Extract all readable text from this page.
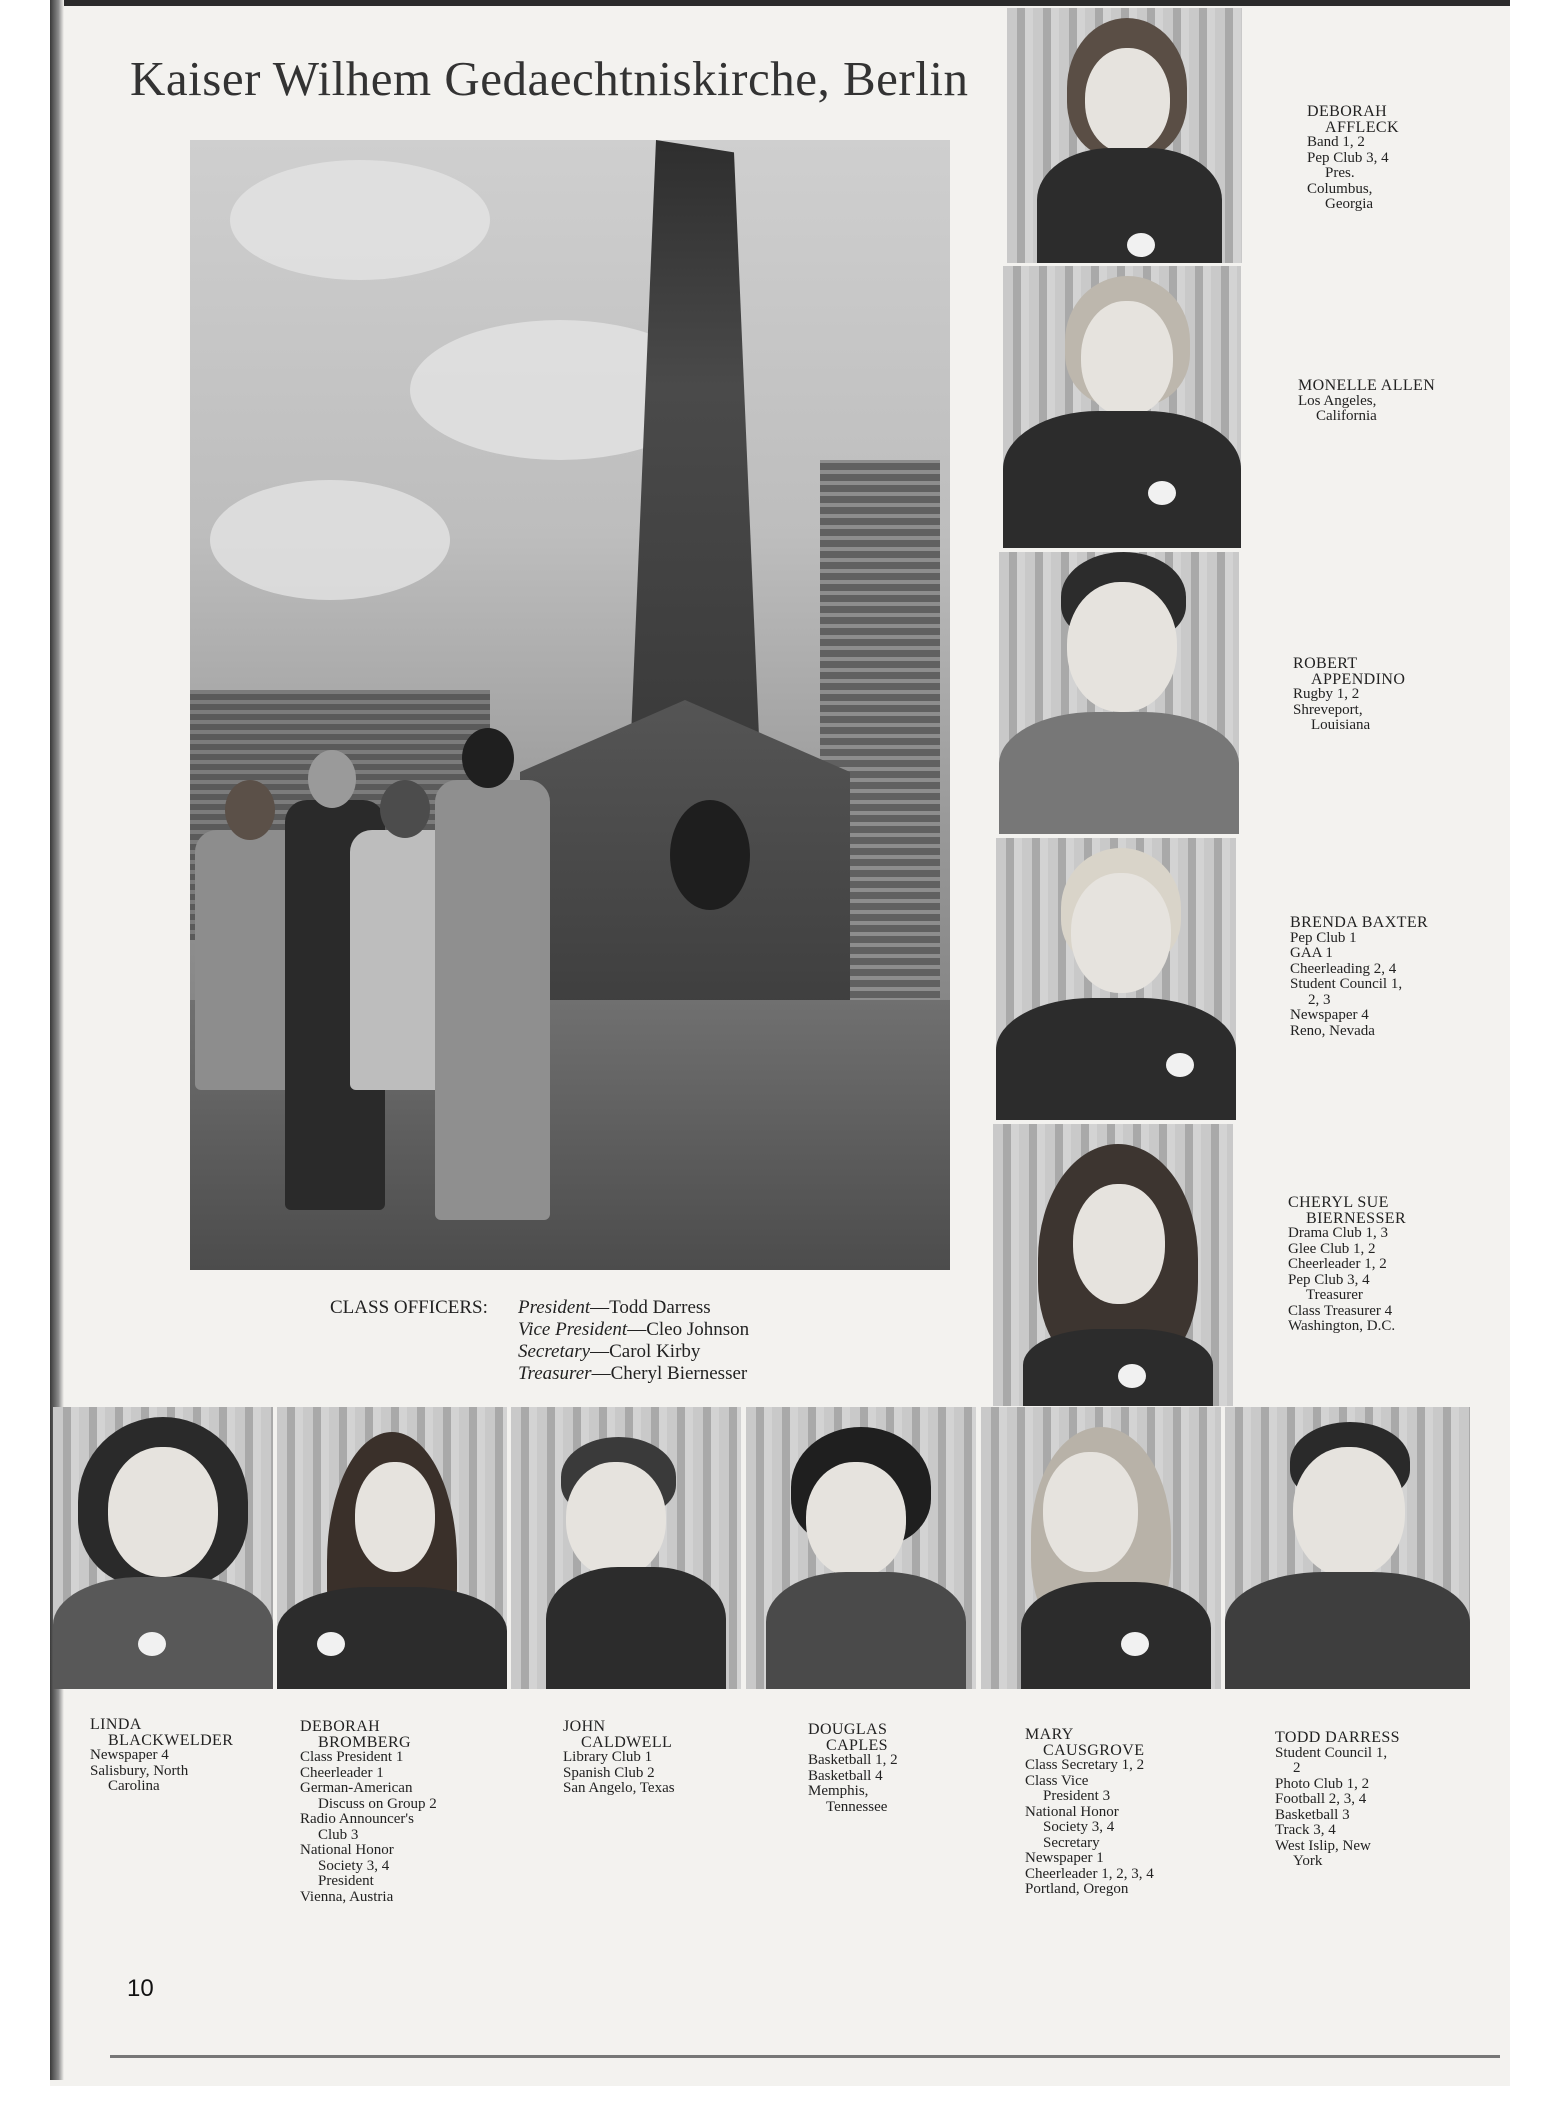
Kaiser Wilhem Gedaechtniskirche, Berlin
CLASS OFFICERS: President—Todd Darress
Vice President—Cleo Johnson
Secretary—Carol Kirby
Treasurer—Cheryl Biernesser
DEBORAH
AFFLECK
Band 1, 2
Pep Club 3, 4
Pres.
Columbus,
Georgia
MONELLE ALLEN
Los Angeles,
California
ROBERT
APPENDINO
Rugby 1, 2
Shreveport,
Louisiana
BRENDA BAXTER
Pep Club 1
GAA 1
Cheerleading 2, 4
Student Council 1,
2, 3
Newspaper 4
Reno, Nevada
CHERYL SUE
BIERNESSER
Drama Club 1, 3
Glee Club 1, 2
Cheerleader 1, 2
Pep Club 3, 4
Treasurer
Class Treasurer 4
Washington, D.C.
LINDA
BLACKWELDER
Newspaper 4
Salisbury, North
Carolina
DEBORAH
BROMBERG
Class President 1
Cheerleader 1
German-American
Discuss on Group 2
Radio Announcer's
Club 3
National Honor
Society 3, 4
President
Vienna, Austria
JOHN
CALDWELL
Library Club 1
Spanish Club 2
San Angelo, Texas
DOUGLAS
CAPLES
Basketball 1, 2
Basketball 4
Memphis,
Tennessee
MARY
CAUSGROVE
Class Secretary 1, 2
Class Vice
President 3
National Honor
Society 3, 4
Secretary
Newspaper 1
Cheerleader 1, 2, 3, 4
Portland, Oregon
TODD DARRESS
Student Council 1,
2
Photo Club 1, 2
Football 2, 3, 4
Basketball 3
Track 3, 4
West Islip, New
York
10
